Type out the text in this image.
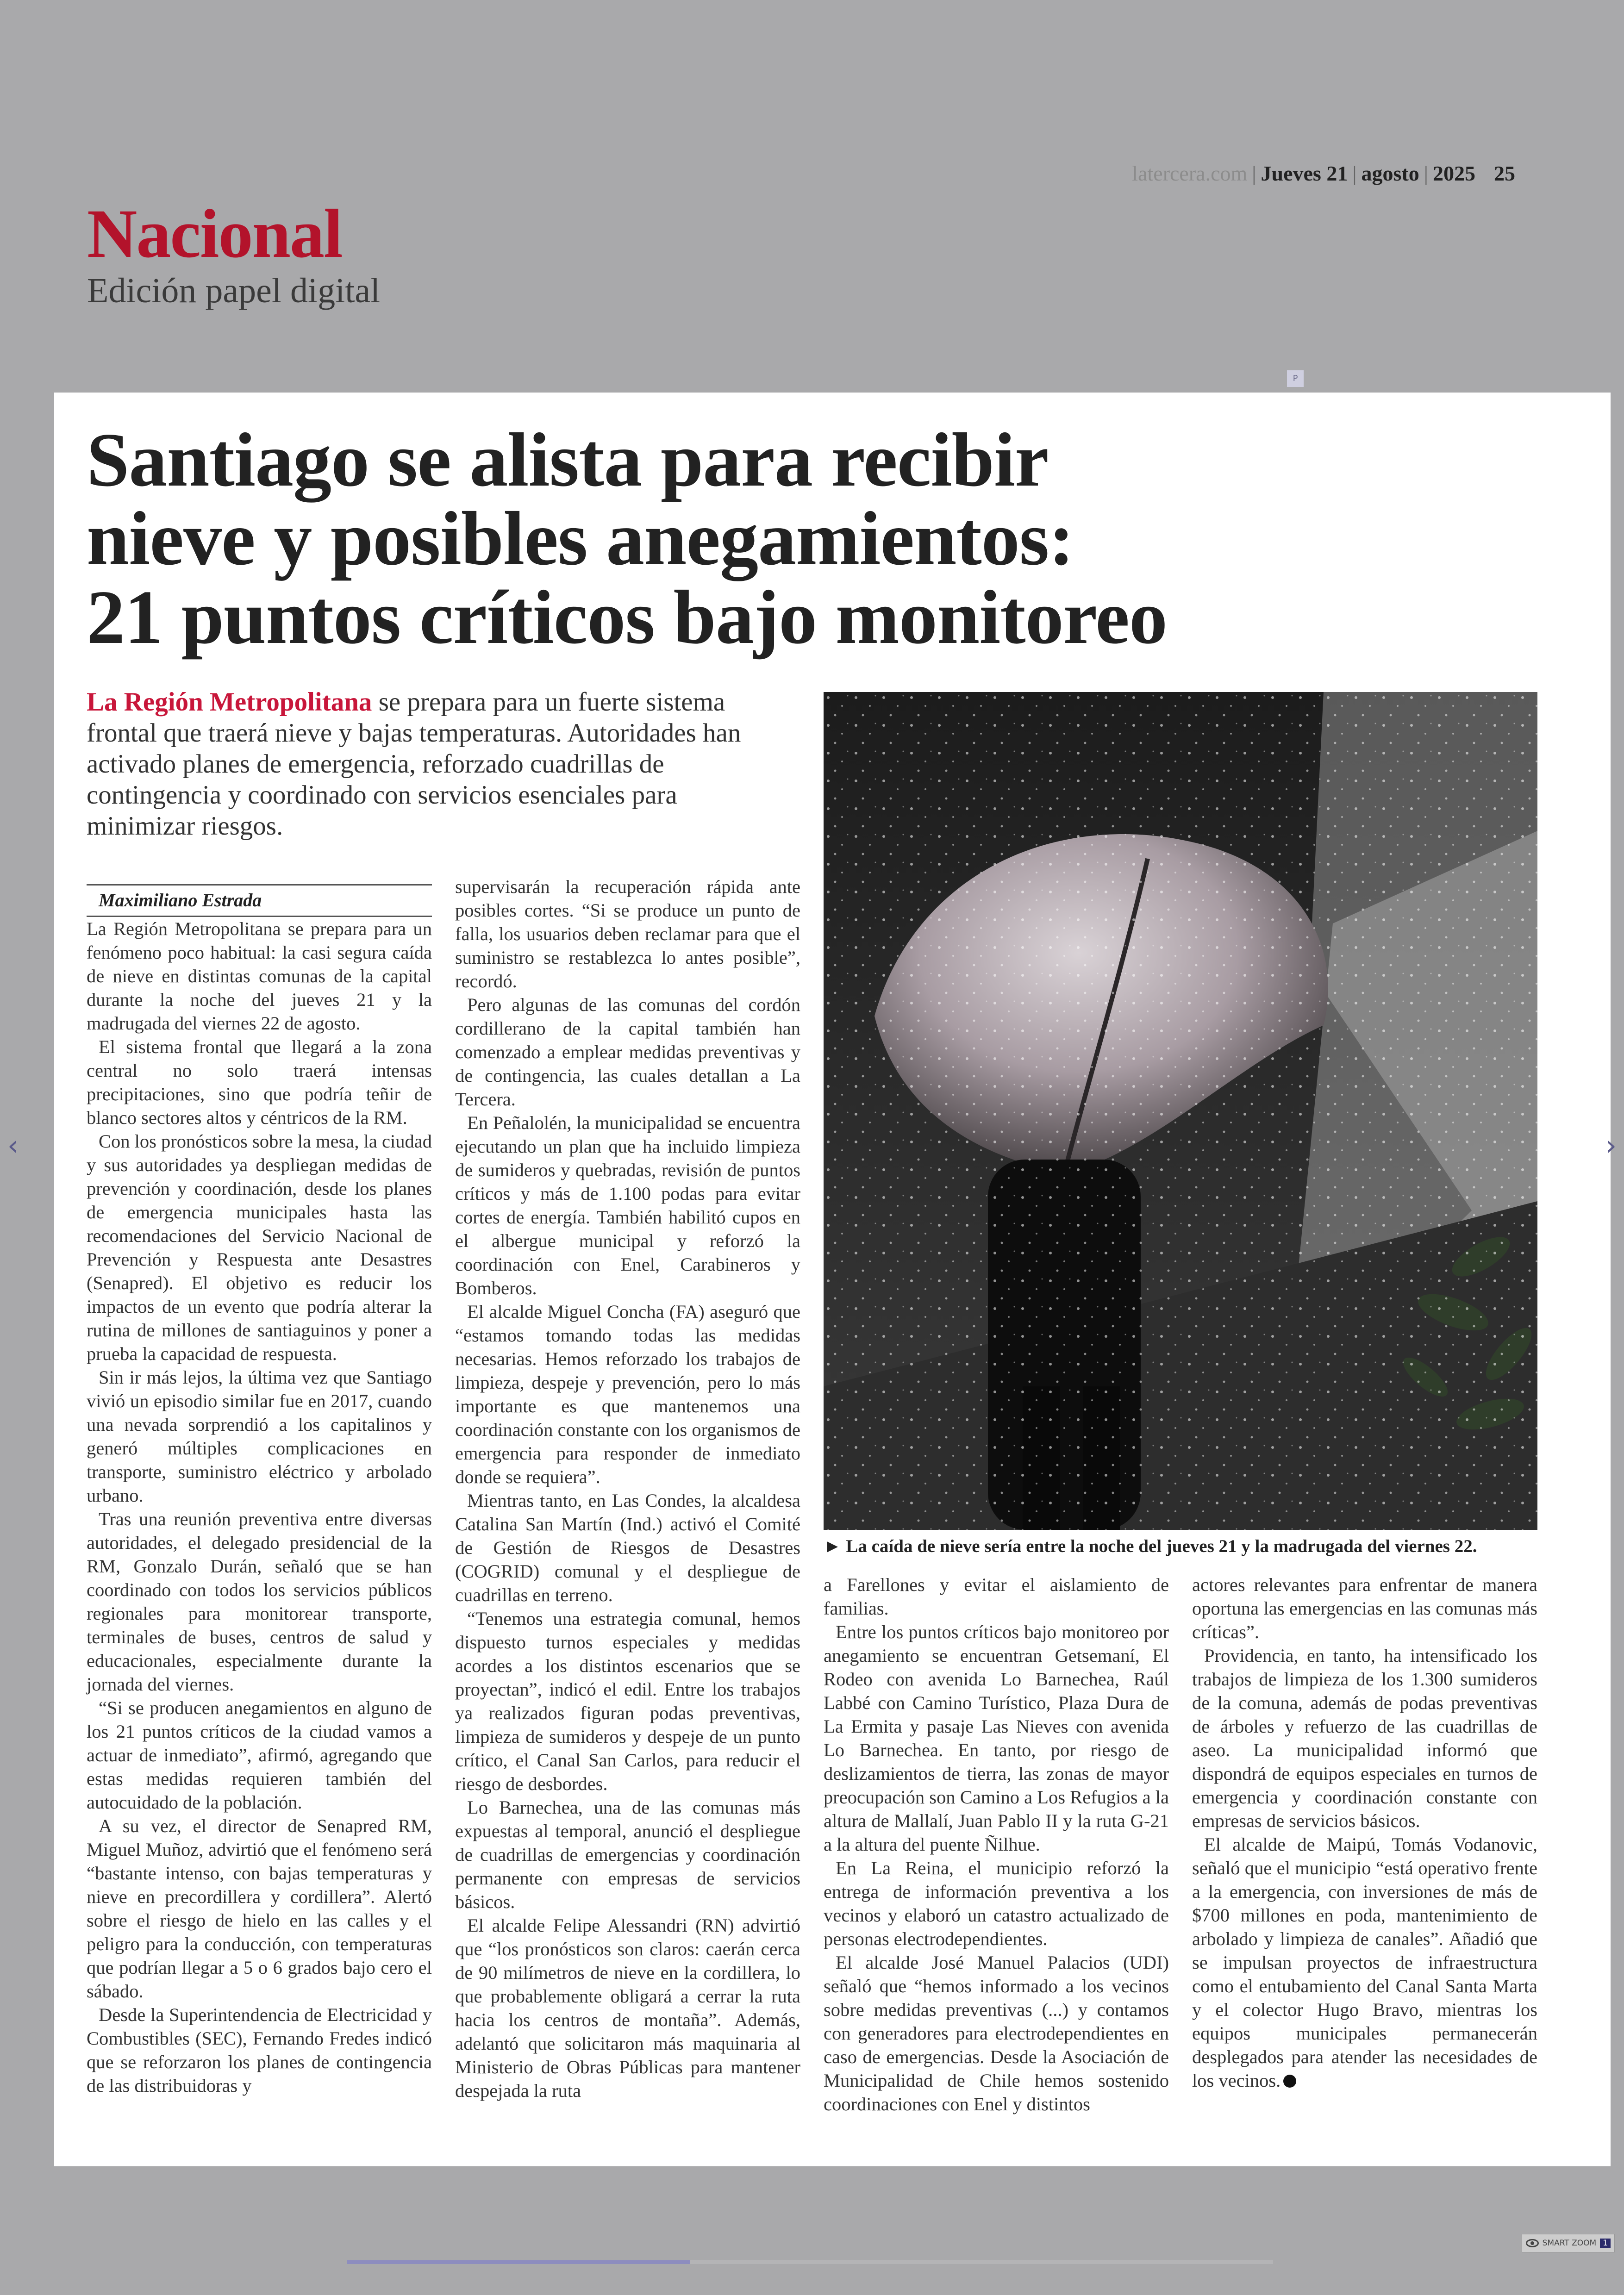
latercera.com | Jueves 21 | agosto | 2025 25
Nacional
Edición papel digital
P
Santiago se alista para recibir
nieve y posibles anegamientos:
21 puntos críticos bajo monitoreo
La Región Metropolitana se prepara para un fuerte sistema frontal que traerá nieve y bajas temperaturas. Autoridades han activado planes de emergencia, reforzado cuadrillas de contingencia y coordinado con servicios esenciales para minimizar riesgos.
► La caída de nieve sería entre la noche del jueves 21 y la madrugada del viernes 22.

Maximiliano Estrada

La Región Metropolitana se prepara para un fenómeno poco habitual: la casi segura caída de nieve en distintas comunas de la capital durante la noche del jueves 21 y la madrugada del viernes 22 de agosto.

El sistema frontal que llegará a la zona central no solo traerá intensas precipitaciones, sino que podría teñir de blanco sectores altos y céntricos de la RM.

Con los pronósticos sobre la mesa, la ciudad y sus autoridades ya despliegan medidas de prevención y coordinación, desde los planes de emergencia municipales hasta las recomendaciones del Servicio Nacional de Prevención y Respuesta ante Desastres (Senapred). El objetivo es reducir los impactos de un evento que podría alterar la rutina de millones de santiaguinos y poner a prueba la capacidad de respuesta.

Sin ir más lejos, la última vez que Santiago vivió un episodio similar fue en 2017, cuando una nevada sorprendió a los capitalinos y generó múltiples complicaciones en transporte, suministro eléctrico y arbolado urbano.

Tras una reunión preventiva entre diversas autoridades, el delegado presidencial de la RM, Gonzalo Durán, señaló que se han coordinado con todos los servicios públicos regionales para monitorear transporte, terminales de buses, centros de salud y educacionales, especialmente durante la jornada del viernes.

“Si se producen anegamientos en alguno de los 21 puntos críticos de la ciudad vamos a actuar de inmediato”, afirmó, agregando que estas medidas requieren también del autocuidado de la población.

A su vez, el director de Senapred RM, Miguel Muñoz, advirtió que el fenómeno será “bastante intenso, con bajas temperaturas y nieve en precordillera y cordillera”. Alertó sobre el riesgo de hielo en las calles y el peligro para la conducción, con temperaturas que podrían llegar a 5 o 6 grados bajo cero el sábado.

Desde la Superintendencia de Electricidad y Combustibles (SEC), Fernando Fredes indicó que se reforzaron los planes de contingencia de las distribuidoras y

supervisarán la recuperación rápida ante posibles cortes. “Si se produce un punto de falla, los usuarios deben reclamar para que el suministro se restablezca lo antes posible”, recordó.

Pero algunas de las comunas del cordón cordillerano de la capital también han comenzado a emplear medidas preventivas y de contingencia, las cuales detallan a La Tercera.

En Peñalolén, la municipalidad se encuentra ejecutando un plan que ha incluido limpieza de sumideros y quebradas, revisión de puntos críticos y más de 1.100 podas para evitar cortes de energía. También habilitó cupos en el albergue municipal y reforzó la coordinación con Enel, Carabineros y Bomberos.

El alcalde Miguel Concha (FA) aseguró que “estamos tomando todas las medidas necesarias. Hemos reforzado los trabajos de limpieza, despeje y prevención, pero lo más importante es que mantenemos una coordinación constante con los organismos de emergencia para responder de inmediato donde se requiera”.

Mientras tanto, en Las Condes, la alcaldesa Catalina San Martín (Ind.) activó el Comité de Gestión de Riesgos de Desastres (COGRID) comunal y el despliegue de cuadrillas en terreno.

“Tenemos una estrategia comunal, hemos dispuesto turnos especiales y medidas acordes a los distintos escenarios que se proyectan”, indicó el edil. Entre los trabajos ya realizados figuran podas preventivas, limpieza de sumideros y despeje de un punto crítico, el Canal San Carlos, para reducir el riesgo de desbordes.

Lo Barnechea, una de las comunas más expuestas al temporal, anunció el despliegue de cuadrillas de emergencias y coordinación permanente con empresas de servicios básicos.

El alcalde Felipe Alessandri (RN) advirtió que “los pronósticos son claros: caerán cerca de 90 milímetros de nieve en la cordillera, lo que probablemente obligará a cerrar la ruta hacia los centros de montaña”. Además, adelantó que solicitaron más maquinaria al Ministerio de Obras Públicas para mantener despejada la ruta

a Farellones y evitar el aislamiento de familias.

Entre los puntos críticos bajo monitoreo por anegamiento se encuentran Getsemaní, El Rodeo con avenida Lo Barnechea, Raúl Labbé con Camino Turístico, Plaza Dura de La Ermita y pasaje Las Nieves con avenida Lo Barnechea. En tanto, por riesgo de deslizamientos de tierra, las zonas de mayor preocupación son Camino a Los Refugios a la altura de Mallalí, Juan Pablo II y la ruta G-21 a la altura del puente Ñilhue.

En La Reina, el municipio reforzó la entrega de información preventiva a los vecinos y elaboró un catastro actualizado de personas electrodependientes.

El alcalde José Manuel Palacios (UDI) señaló que “hemos informado a los vecinos sobre medidas preventivas (...) y contamos con generadores para electrodependientes en caso de emergencias. Desde la Asociación de Municipalidad de Chile hemos sostenido coordinaciones con Enel y distintos

actores relevantes para enfrentar de manera oportuna las emergencias en las comunas más críticas”.

Providencia, en tanto, ha intensificado los trabajos de limpieza de los 1.300 sumideros de la comuna, además de podas preventivas de árboles y refuerzo de las cuadrillas de aseo. La municipalidad informó que dispondrá de equipos especiales en turnos de emergencia y coordinación constante con empresas de servicios básicos.

El alcalde de Maipú, Tomás Vodanovic, señaló que el municipio “está operativo frente a la emergencia, con inversiones de más de $700 millones en poda, mantenimiento de arbolado y limpieza de canales”. Añadió que se impulsan proyectos de infraestructura como el entubamiento del Canal Santa Marta y el colector Hugo Bravo, mientras los equipos municipales permanecerán desplegados para atender las necesidades de los vecinos.

‹	›
SMART ZOOM 1
